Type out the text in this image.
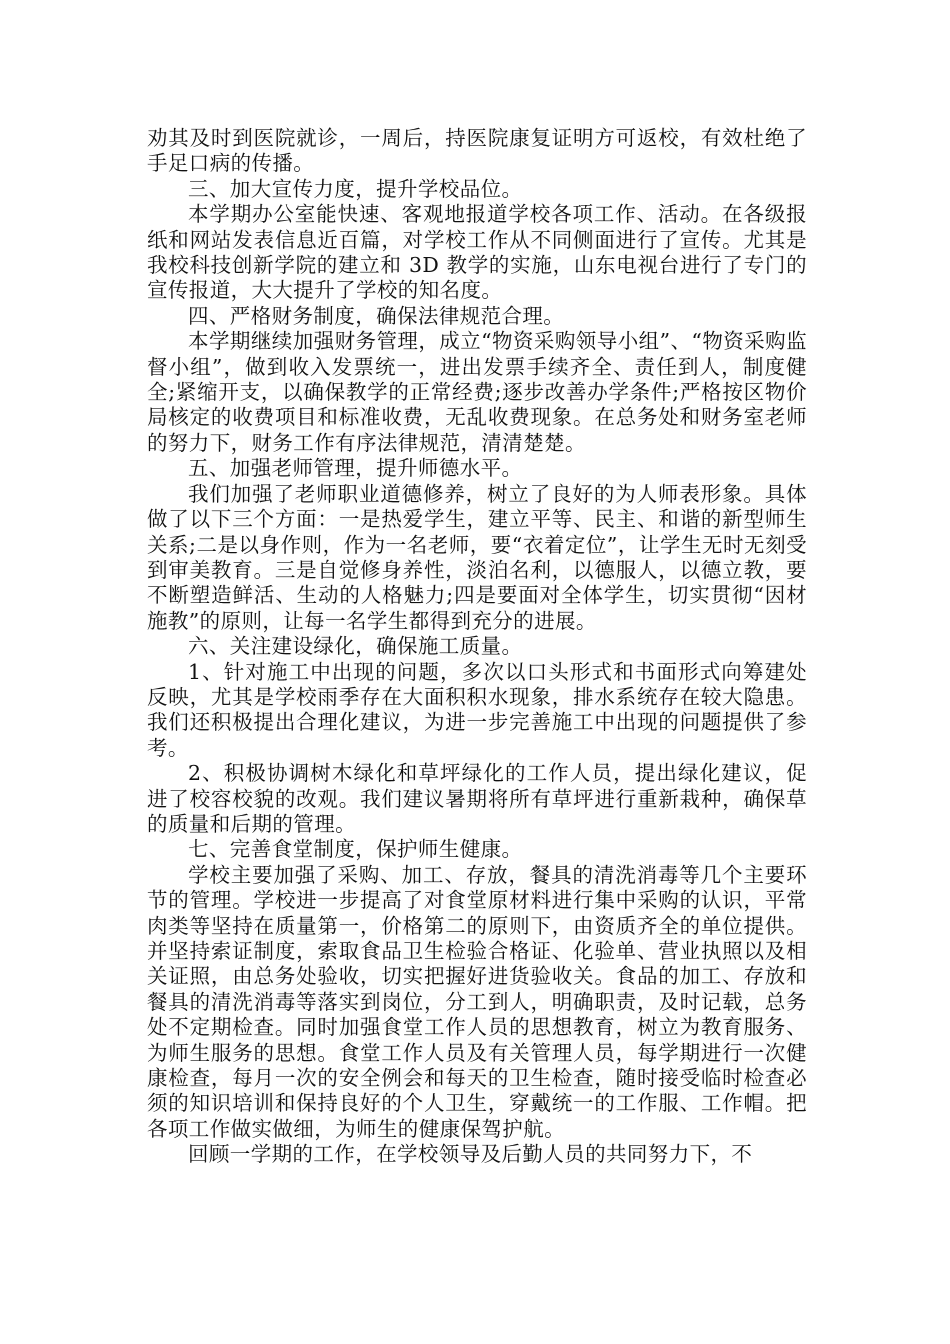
劝其及时到医院就诊，一周后，持医院康复证明方可返校，有效杜绝了手足口病的传播。

三、加大宣传力度，提升学校品位。

本学期办公室能快速、客观地报道学校各项工作、活动。在各级报纸和网站发表信息近百篇，对学校工作从不同侧面进行了宣传。尤其是我校科技创新学院的建立和 3D 教学的实施，山东电视台进行了专门的宣传报道，大大提升了学校的知名度。

四、严格财务制度，确保法律规范合理。

本学期继续加强财务管理，成立“物资采购领导小组”、“物资采购监督小组”，做到收入发票统一，进出发票手续齐全、责任到人，制度健全;紧缩开支，以确保教学的正常经费;逐步改善办学条件;严格按区物价局核定的收费项目和标准收费，无乱收费现象。在总务处和财务室老师的努力下，财务工作有序法律规范，清清楚楚。

五、加强老师管理，提升师德水平。

我们加强了老师职业道德修养，树立了良好的为人师表形象。具体做了以下三个方面：一是热爱学生，建立平等、民主、和谐的新型师生关系;二是以身作则，作为一名老师，要“衣着定位”，让学生无时无刻受到审美教育。三是自觉修身养性，淡泊名利，以德服人，以德立教，要不断塑造鲜活、生动的人格魅力;四是要面对全体学生，切实贯彻“因材施教”的原则，让每一名学生都得到充分的进展。

六、关注建设绿化，确保施工质量。

1、针对施工中出现的问题，多次以口头形式和书面形式向筹建处反映，尤其是学校雨季存在大面积积水现象，排水系统存在较大隐患。我们还积极提出合理化建议，为进一步完善施工中出现的问题提供了参考。

2、积极协调树木绿化和草坪绿化的工作人员，提出绿化建议，促进了校容校貌的改观。我们建议暑期将所有草坪进行重新栽种，确保草的质量和后期的管理。

七、完善食堂制度，保护师生健康。

学校主要加强了采购、加工、存放，餐具的清洗消毒等几个主要环节的管理。学校进一步提高了对食堂原材料进行集中采购的认识，平常肉类等坚持在质量第一，价格第二的原则下，由资质齐全的单位提供。并坚持索证制度，索取食品卫生检验合格证、化验单、营业执照以及相关证照，由总务处验收，切实把握好进货验收关。食品的加工、存放和餐具的清洗消毒等落实到岗位，分工到人，明确职责，及时记载，总务处不定期检查。同时加强食堂工作人员的思想教育，树立为教育服务、为师生服务的思想。食堂工作人员及有关管理人员，每学期进行一次健康检查，每月一次的安全例会和每天的卫生检查，随时接受临时检查必须的知识培训和保持良好的个人卫生，穿戴统一的工作服、工作帽。把各项工作做实做细，为师生的健康保驾护航。

回顾一学期的工作，在学校领导及后勤人员的共同努力下，不
